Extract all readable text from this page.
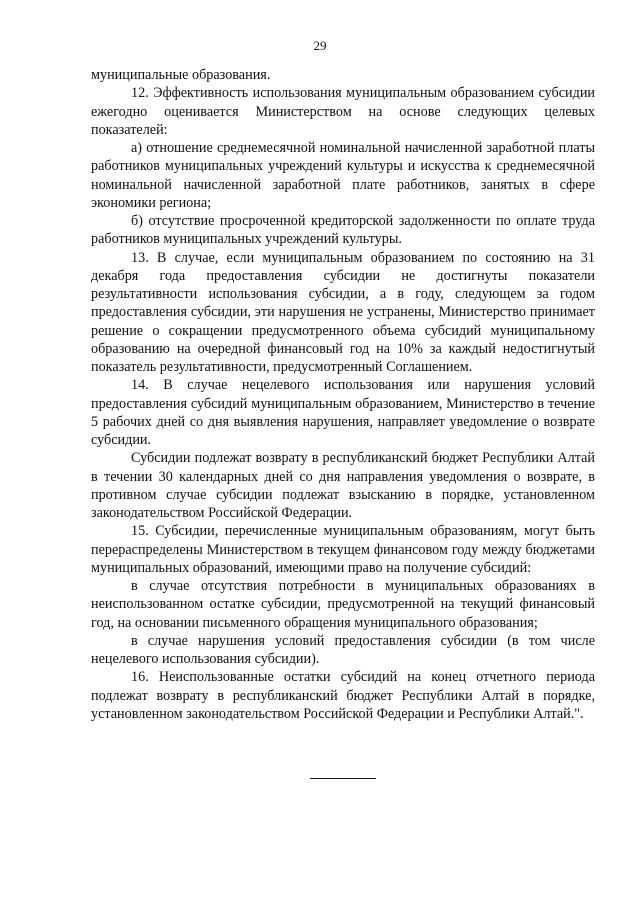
29

муниципальные образования.

12. Эффективность использования муниципальным образованием субсидии ежегодно оценивается Министерством на основе следующих целевых показателей:

а) отношение среднемесячной номинальной начисленной заработной платы работников муниципальных учреждений культуры и искусства к среднемесячной номинальной начисленной заработной плате работников, занятых в сфере экономики региона;

б) отсутствие просроченной кредиторской задолженности по оплате труда работников муниципальных учреждений культуры.

13. В случае, если муниципальным образованием по состоянию на 31 декабря года предоставления субсидии не достигнуты показатели результативности использования субсидии, а в году, следующем за годом предоставления субсидии, эти нарушения не устранены, Министерство принимает решение о сокращении предусмотренного объема субсидий муниципальному образованию на очередной финансовый год на 10% за каждый недостигнутый показатель результативности, предусмотренный Соглашением.

14. В случае нецелевого использования или нарушения условий предоставления субсидий муниципальным образованием, Министерство в течение 5 рабочих дней со дня выявления нарушения, направляет уведомление о возврате субсидии.

Субсидии подлежат возврату в республиканский бюджет Республики Алтай в течении 30 календарных дней со дня направления уведомления о возврате, в противном случае субсидии подлежат взысканию в порядке, установленном законодательством Российской Федерации.

15. Субсидии, перечисленные муниципальным образованиям, могут быть перераспределены Министерством в текущем финансовом году между бюджетами муниципальных образований, имеющими право на получение субсидий:

в случае отсутствия потребности в муниципальных образованиях в неиспользованном остатке субсидии, предусмотренной на текущий финансовый год, на основании письменного обращения муниципального образования;

в случае нарушения условий предоставления субсидии (в том числе нецелевого использования субсидии).

16. Неиспользованные остатки субсидий на конец отчетного периода подлежат возврату в республиканский бюджет Республики Алтай в порядке, установленном законодательством Российской Федерации и Республики Алтай.".
